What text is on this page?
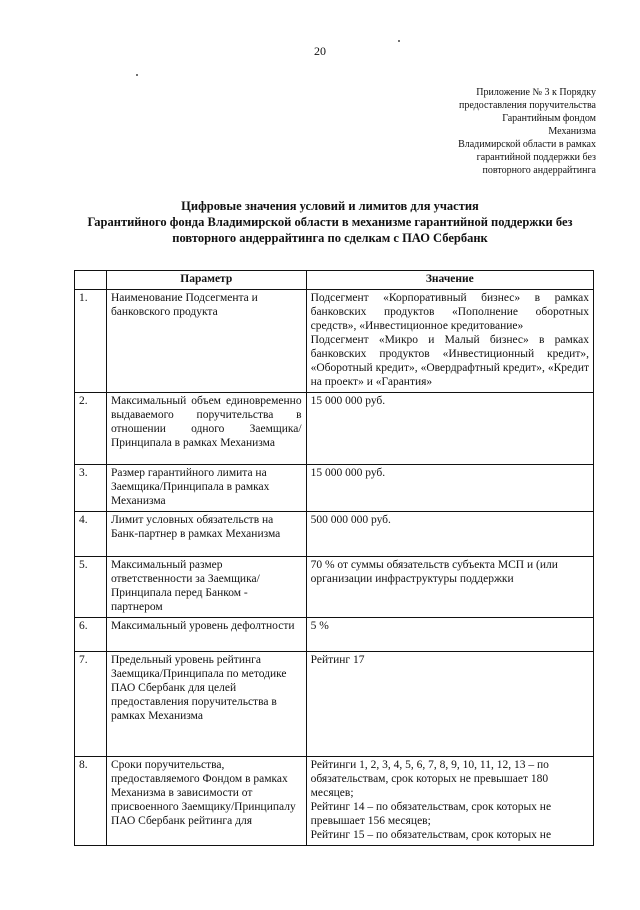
20
Приложение № 3 к Порядку
предоставления поручительства
Гарантийным фондом
Механизма
Владимирской области в рамках
гарантийной поддержки без
повторного андеррайтинга
Цифровые значения условий и лимитов для участия
Гарантийного фонда Владимирской области в механизме гарантийной поддержки без
повторного андеррайтинга по сделкам с ПАО Сбербанк
	Параметр	Значение
1.	Наименование Подсегмента и банковского продукта	Подсегмент «Корпоративный бизнес» в рамках банковских продуктов «Пополнение оборотных средств», «Инвестиционное кредитование»
Подсегмент «Микро и Малый бизнес» в рамках банковских продуктов «Инвестиционный кредит», «Оборотный кредит», «Овердрафтный кредит», «Кредит на проект» и «Гарантия»

2.	Максимальный объем единовременно выдаваемого поручительства в отношении одного Заемщика/Принципала в рамках Механизма	15 000 000 руб.

3.	Размер гарантийного лимита на Заемщика/Принципала в рамках Механизма	15 000 000 руб.

4.	Лимит условных обязательств на Банк-партнер в рамках Механизма	500 000 000 руб.

5.	Максимальный размер ответственности за Заемщика/Принципала перед Банком - партнером	70 % от суммы обязательств субъекта МСП и (или организации инфраструктуры поддержки

6.	Максимальный уровень дефолтности	5 %

7.	Предельный уровень рейтинга Заемщика/Принципала по методике ПАО Сбербанк для целей предоставления поручительства в рамках Механизма	Рейтинг 17

8.	Сроки поручительства, предоставляемого Фондом в рамках Механизма в зависимости от присвоенного Заемщику/Принципалу ПАО Сбербанк рейтинга для	Рейтинги 1, 2, 3, 4, 5, 6, 7, 8, 9, 10, 11, 12, 13 – по обязательствам, срок которых не превышает 180 месяцев;
Рейтинг 14 – по обязательствам, срок которых не превышает 156 месяцев;
Рейтинг 15 – по обязательствам, срок которых не
